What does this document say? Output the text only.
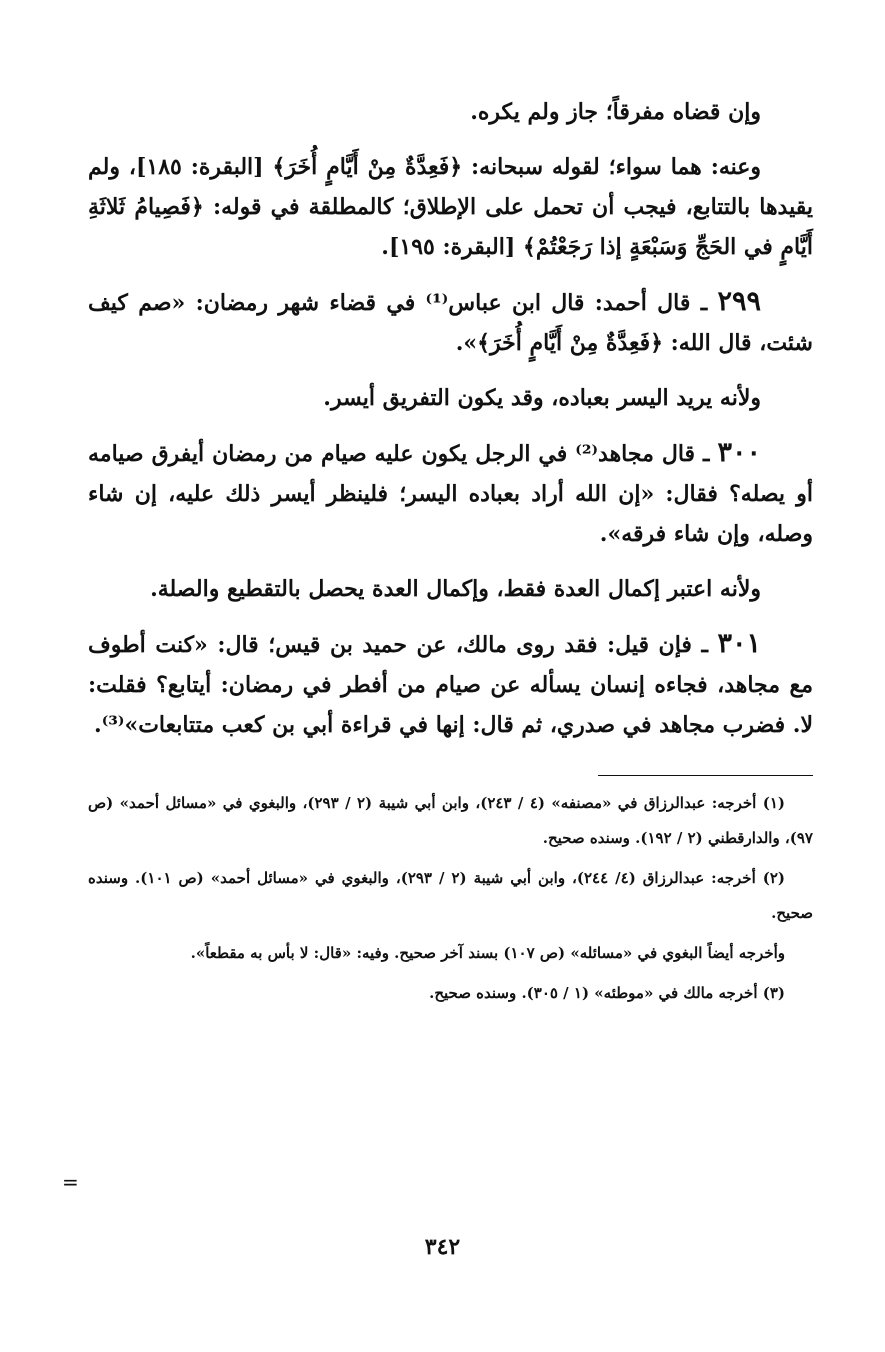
وإن قضاه مفرقاً؛ جاز ولم يكره.

وعنه: هما سواء؛ لقوله سبحانه: ﴿فَعِدَّةٌ مِنْ أَيَّامٍ أُخَرَ﴾ [البقرة: ١٨٥]، ولم يقيدها بالتتابع، فيجب أن تحمل على الإطلاق؛ كالمطلقة في قوله: ﴿فَصِيامُ ثَلاثَةِ أَيَّامٍ في الحَجِّ وَسَبْعَةٍ إذا رَجَعْتُمْ﴾ [البقرة: ١٩٥].

٢٩٩ ـ قال أحمد: قال ابن عباس⁽¹⁾ في قضاء شهر رمضان: «صم كيف شئت، قال الله: ﴿فَعِدَّةٌ مِنْ أَيَّامٍ أُخَرَ﴾».

ولأنه يريد اليسر بعباده، وقد يكون التفريق أيسر.

٣٠٠ ـ قال مجاهد⁽²⁾ في الرجل يكون عليه صيام من رمضان أيفرق صيامه أو يصله؟ فقال: «إن الله أراد بعباده اليسر؛ فلينظر أيسر ذلك عليه، إن شاء وصله، وإن شاء فرقه».

ولأنه اعتبر إكمال العدة فقط، وإكمال العدة يحصل بالتقطيع والصلة.

٣٠١ ـ فإن قيل: فقد روى مالك، عن حميد بن قيس؛ قال: «كنت أطوف مع مجاهد، فجاءه إنسان يسأله عن صيام من أفطر في رمضان: أيتابع؟ فقلت: لا. فضرب مجاهد في صدري، ثم قال: إنها في قراءة أبي بن كعب متتابعات»⁽³⁾.

(١) أخرجه: عبدالرزاق في «مصنفه» (٤ / ٢٤٣)، وابن أبي شيبة (٢ / ٢٩٣)، والبغوي في «مسائل أحمد» (ص ٩٧)، والدارقطني (٢ / ١٩٢). وسنده صحيح.

(٢) أخرجه: عبدالرزاق (٤/ ٢٤٤)، وابن أبي شيبة (٢ / ٢٩٣)، والبغوي في «مسائل أحمد» (ص ١٠١). وسنده صحيح.

وأخرجه أيضاً البغوي في «مسائله» (ص ١٠٧) بسند آخر صحيح. وفيه: «قال: لا بأس به مقطعاً».

(٣) أخرجه مالك في «موطئه» (١ / ٣٠٥). وسنده صحيح.

=
٣٤٢
